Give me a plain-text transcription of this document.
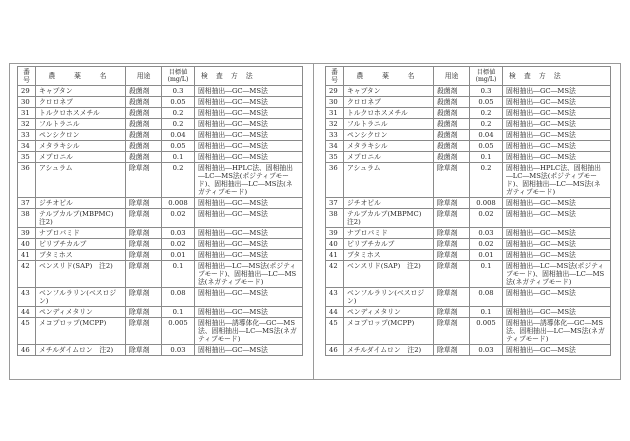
番号	農　薬　名	用途	目標値
(mg/L)	検 査 方 法
29	キャプタン	殺菌剤	0.3	固相抽出―GC―MS法
30	クロロネブ	殺菌剤	0.05	固相抽出―GC―MS法
31	トルクロホスメチル	殺菌剤	0.2	固相抽出―GC―MS法
32	フルトラニル	殺菌剤	0.2	固相抽出―GC―MS法
33	ペンシクロン	殺菌剤	0.04	固相抽出―GC―MS法
34	メタラキシル	殺菌剤	0.05	固相抽出―GC―MS法
35	メプロニル	殺菌剤	0.1	固相抽出―GC―MS法
36	アシュラム	除草剤	0.2	固相抽出―HPLC法、固相抽出―LC―MS法(ポジティブモード)、固相抽出―LC―MS法(ネガティブモード)
37	ジチオピル	除草剤	0.008	固相抽出―GC―MS法
38	テルブカルブ(MBPMC) 注2)	除草剤	0.02	固相抽出―GC―MS法
39	ナプロパミド	除草剤	0.03	固相抽出―GC―MS法
40	ピリブチカルブ	除草剤	0.02	固相抽出―GC―MS法
41	ブタミホス	除草剤	0.01	固相抽出―GC―MS法
42	ベンスリド(SAP)　注2)	除草剤	0.1	固相抽出―LC―MS法(ポジティブモード)、固相抽出―LC―MS法(ネガティブモード)
43	ベンフルラリン(ベスロジン)	除草剤	0.08	固相抽出―GC―MS法
44	ペンディメタリン	除草剤	0.1	固相抽出―GC―MS法
45	メコプロップ(MCPP)	除草剤	0.005	固相抽出―誘導体化―GC―MS法、固相抽出―LC―MS法(ネガティブモード)
46	メチルダイムロン　注2)	除草剤	0.03	固相抽出―GC―MS法
番号	農　薬　名	用途	目標値
(mg/L)	検 査 方 法
29	キャプタン	殺菌剤	0.3	固相抽出―GC―MS法
30	クロロネブ	殺菌剤	0.05	固相抽出―GC―MS法
31	トルクロホスメチル	殺菌剤	0.2	固相抽出―GC―MS法
32	フルトラニル	殺菌剤	0.2	固相抽出―GC―MS法
33	ペンシクロン	殺菌剤	0.04	固相抽出―GC―MS法
34	メタラキシル	殺菌剤	0.05	固相抽出―GC―MS法
35	メプロニル	殺菌剤	0.1	固相抽出―GC―MS法
36	アシュラム	除草剤	0.2	固相抽出―HPLC法、固相抽出―LC―MS法(ポジティブモード)、固相抽出―LC―MS法(ネガティブモード)
37	ジチオピル	除草剤	0.008	固相抽出―GC―MS法
38	テルブカルブ(MBPMC) 注2)	除草剤	0.02	固相抽出―GC―MS法
39	ナプロパミド	除草剤	0.03	固相抽出―GC―MS法
40	ピリブチカルブ	除草剤	0.02	固相抽出―GC―MS法
41	ブタミホス	除草剤	0.01	固相抽出―GC―MS法
42	ベンスリド(SAP)　注2)	除草剤	0.1	固相抽出―LC―MS法(ポジティブモード)、固相抽出―LC―MS法(ネガティブモード)
43	ベンフルラリン(ベスロジン)	除草剤	0.08	固相抽出―GC―MS法
44	ペンディメタリン	除草剤	0.1	固相抽出―GC―MS法
45	メコプロップ(MCPP)	除草剤	0.005	固相抽出―誘導体化―GC―MS法、固相抽出―LC―MS法(ネガティブモード)
46	メチルダイムロン　注2)	除草剤	0.03	固相抽出―GC―MS法
